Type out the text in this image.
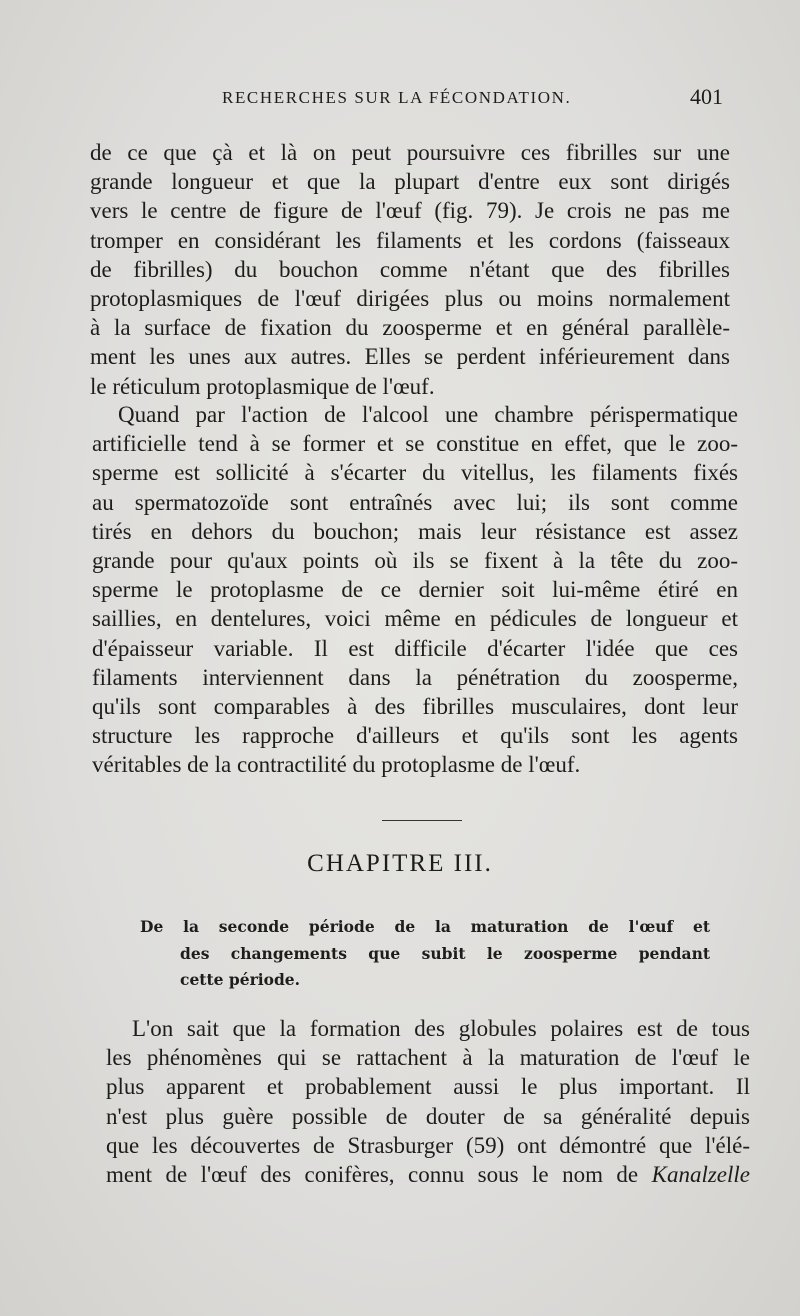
RECHERCHES SUR LA FÉCONDATION.	401
de ce que çà et là on peut poursuivre ces fibrilles sur une
grande longueur et que la plupart d'entre eux sont dirigés
vers le centre de figure de l'œuf (fig. 79). Je crois ne pas me
tromper en considérant les filaments et les cordons (faisseaux
de fibrilles) du bouchon comme n'étant que des fibrilles
protoplasmiques de l'œuf dirigées plus ou moins normalement
à la surface de fixation du zoosperme et en général parallèle-
ment les unes aux autres. Elles se perdent inférieurement dans
le réticulum protoplasmique de l'œuf.
Quand par l'action de l'alcool une chambre périspermatique
artificielle tend à se former et se constitue en effet, que le zoo-
sperme est sollicité à s'écarter du vitellus, les filaments fixés
au spermatozoïde sont entraînés avec lui; ils sont comme
tirés en dehors du bouchon; mais leur résistance est assez
grande pour qu'aux points où ils se fixent à la tête du zoo-
sperme le protoplasme de ce dernier soit lui-même étiré en
saillies, en dentelures, voici même en pédicules de longueur et
d'épaisseur variable. Il est difficile d'écarter l'idée que ces
filaments interviennent dans la pénétration du zoosperme,
qu'ils sont comparables à des fibrilles musculaires, dont leur
structure les rapproche d'ailleurs et qu'ils sont les agents
véritables de la contractilité du protoplasme de l'œuf.
CHAPITRE III.
De la seconde période de la maturation de l'œuf et
des changements que subit le zoosperme pendant
cette période.
L'on sait que la formation des globules polaires est de tous
les phénomènes qui se rattachent à la maturation de l'œuf le
plus apparent et probablement aussi le plus important. Il
n'est plus guère possible de douter de sa généralité depuis
que les découvertes de Strasburger (59) ont démontré que l'élé-
ment de l'œuf des conifères, connu sous le nom de Kanalzelle
